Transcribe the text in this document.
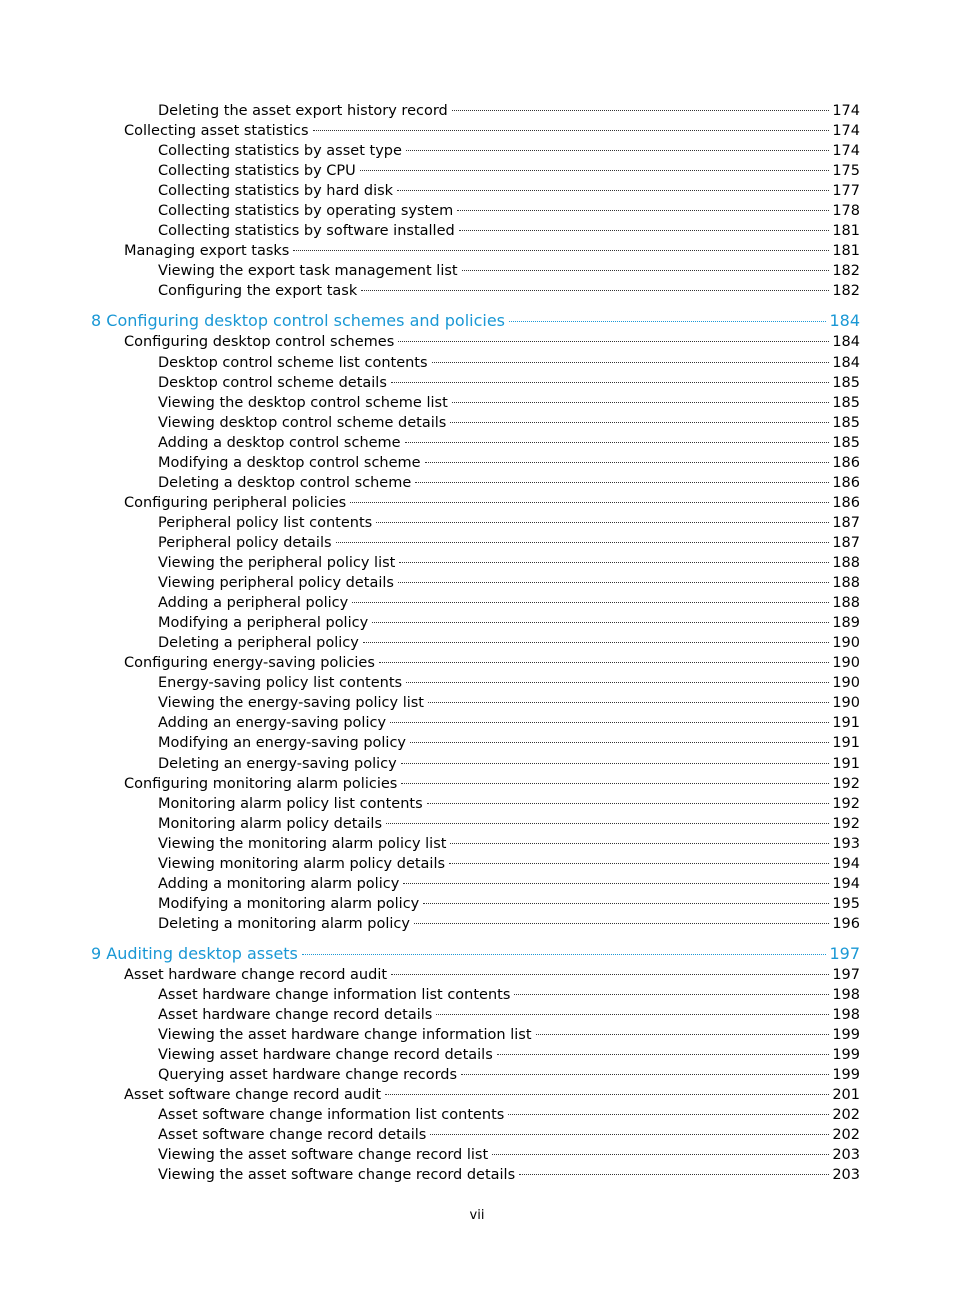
Deleting the asset export history record	174
Collecting asset statistics	174
Collecting statistics by asset type	174
Collecting statistics by CPU	175
Collecting statistics by hard disk	177
Collecting statistics by operating system	178
Collecting statistics by software installed	181
Managing export tasks	181
Viewing the export task management list	182
Configuring the export task	182
8 Configuring desktop control schemes and policies	184
Configuring desktop control schemes	184
Desktop control scheme list contents	184
Desktop control scheme details	185
Viewing the desktop control scheme list	185
Viewing desktop control scheme details	185
Adding a desktop control scheme	185
Modifying a desktop control scheme	186
Deleting a desktop control scheme	186
Configuring peripheral policies	186
Peripheral policy list contents	187
Peripheral policy details	187
Viewing the peripheral policy list	188
Viewing peripheral policy details	188
Adding a peripheral policy	188
Modifying a peripheral policy	189
Deleting a peripheral policy	190
Configuring energy-saving policies	190
Energy-saving policy list contents	190
Viewing the energy-saving policy list	190
Adding an energy-saving policy	191
Modifying an energy-saving policy	191
Deleting an energy-saving policy	191
Configuring monitoring alarm policies	192
Monitoring alarm policy list contents	192
Monitoring alarm policy details	192
Viewing the monitoring alarm policy list	193
Viewing monitoring alarm policy details	194
Adding a monitoring alarm policy	194
Modifying a monitoring alarm policy	195
Deleting a monitoring alarm policy	196
9 Auditing desktop assets	197
Asset hardware change record audit	197
Asset hardware change information list contents	198
Asset hardware change record details	198
Viewing the asset hardware change information list	199
Viewing asset hardware change record details	199
Querying asset hardware change records	199
Asset software change record audit	201
Asset software change information list contents	202
Asset software change record details	202
Viewing the asset software change record list	203
Viewing the asset software change record details	203
vii
